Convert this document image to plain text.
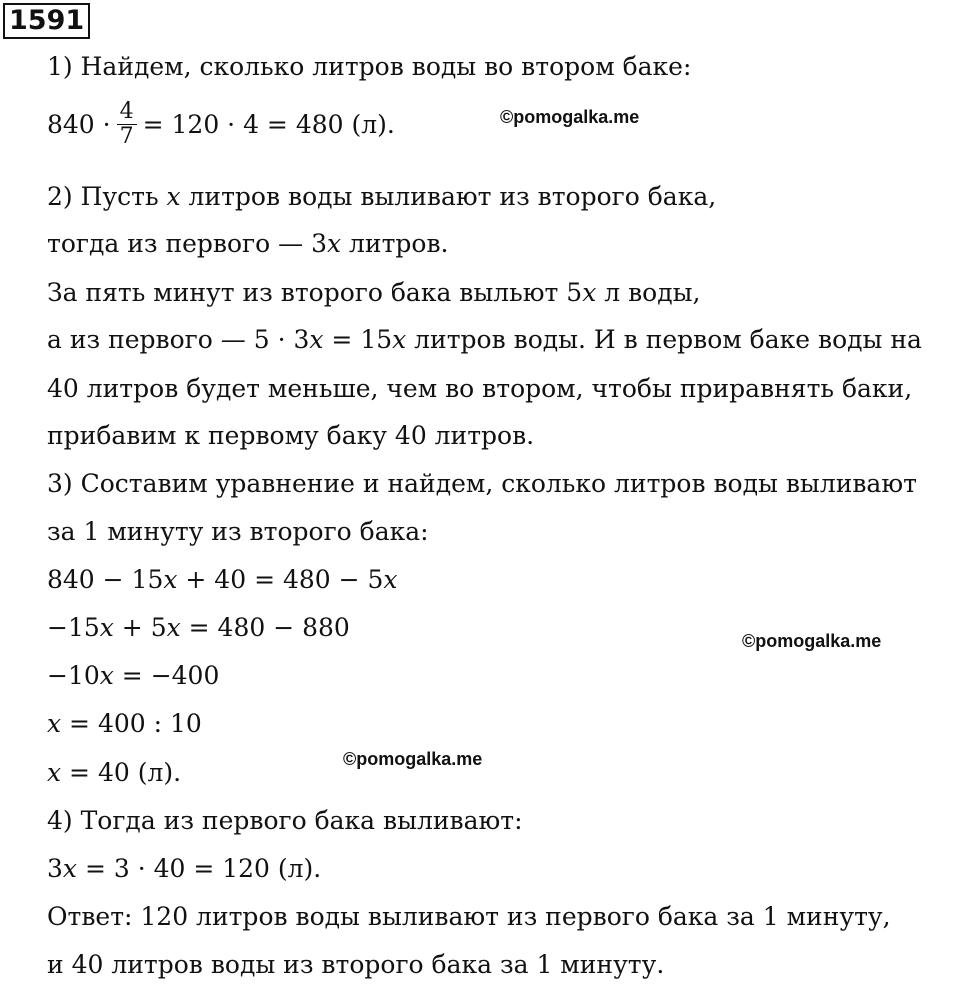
1591
1) Найдем, сколько литров воды во втором баке:
$840 \cdot \frac{4}{7} = 120 \cdot 4 = 480$ (л).	©pomogalka.me
2) Пусть 𝑥 литров воды выливают из второго бака,
тогда из первого — 3𝑥 литров.
За пять минут из второго бака выльют 5𝑥 л воды,
а из первого — 5 · 3𝑥 = 15𝑥 литров воды. И в первом баке воды на
40 литров будет меньше, чем во втором, чтобы приравнять баки,
прибавим к первому баку 40 литров.
3) Составим уравнение и найдем, сколько литров воды выливают
за 1 минуту из второго бака:
840 − 15𝑥 + 40 = 480 − 5𝑥
−15𝑥 + 5𝑥 = 480 − 880	©pomogalka.me
−10𝑥 = −400
𝑥 = 400 : 10
©pomogalka.me
𝑥 = 40 (л).
4) Тогда из первого бака выливают:
3𝑥 = 3 · 40 = 120 (л).
Ответ: 120 литров воды выливают из первого бака за 1 минуту,
и 40 литров воды из второго бака за 1 минуту.
